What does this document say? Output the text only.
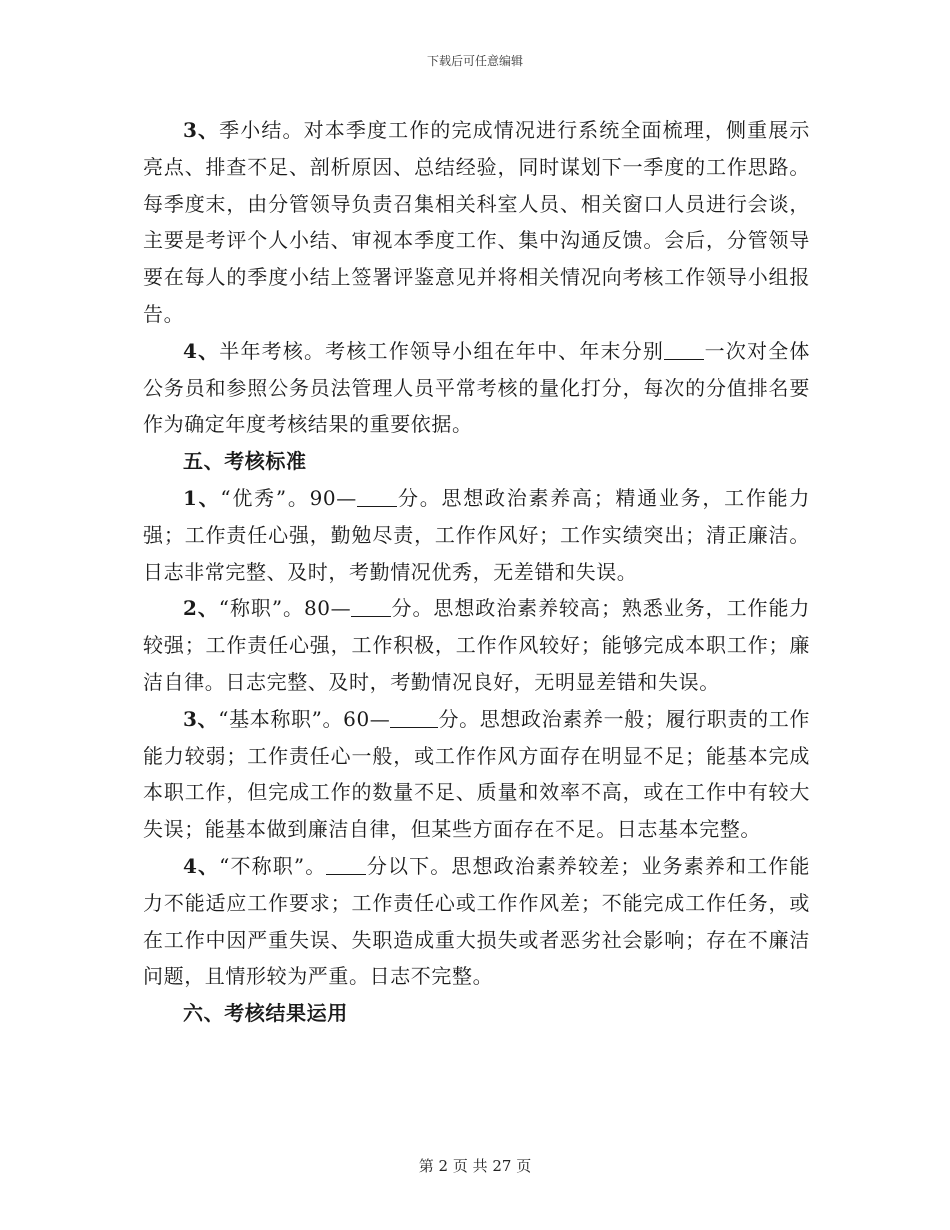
下载后可任意编辑

3、季小结。对本季度工作的完成情况进行系统全面梳理，侧重展示亮点、排查不足、剖析原因、总结经验，同时谋划下一季度的工作思路。每季度末，由分管领导负责召集相关科室人员、相关窗口人员进行会谈，主要是考评个人小结、审视本季度工作、集中沟通反馈。会后，分管领导要在每人的季度小结上签署评鉴意见并将相关情况向考核工作领导小组报告。

4、半年考核。考核工作领导小组在年中、年末分别 一次对全体公务员和参照公务员法管理人员平常考核的量化打分，每次的分值排名要作为确定年度考核结果的重要依据。

五、考核标准

1、“优秀”。90— 分。思想政治素养高；精通业务，工作能力强；工作责任心强，勤勉尽责，工作作风好；工作实绩突出；清正廉洁。日志非常完整、及时，考勤情况优秀，无差错和失误。

2、“称职”。80— 分。思想政治素养较高；熟悉业务，工作能力较强；工作责任心强，工作积极，工作作风较好；能够完成本职工作；廉洁自律。日志完整、及时，考勤情况良好，无明显差错和失误。

3、“基本称职”。60— 分。思想政治素养一般；履行职责的工作能力较弱；工作责任心一般，或工作作风方面存在明显不足；能基本完成本职工作，但完成工作的数量不足、质量和效率不高，或在工作中有较大失误；能基本做到廉洁自律，但某些方面存在不足。日志基本完整。

4、“不称职”。 分以下。思想政治素养较差；业务素养和工作能力不能适应工作要求；工作责任心或工作作风差；不能完成工作任务，或在工作中因严重失误、失职造成重大损失或者恶劣社会影响；存在不廉洁问题，且情形较为严重。日志不完整。

六、考核结果运用

第 2 页 共 27 页
